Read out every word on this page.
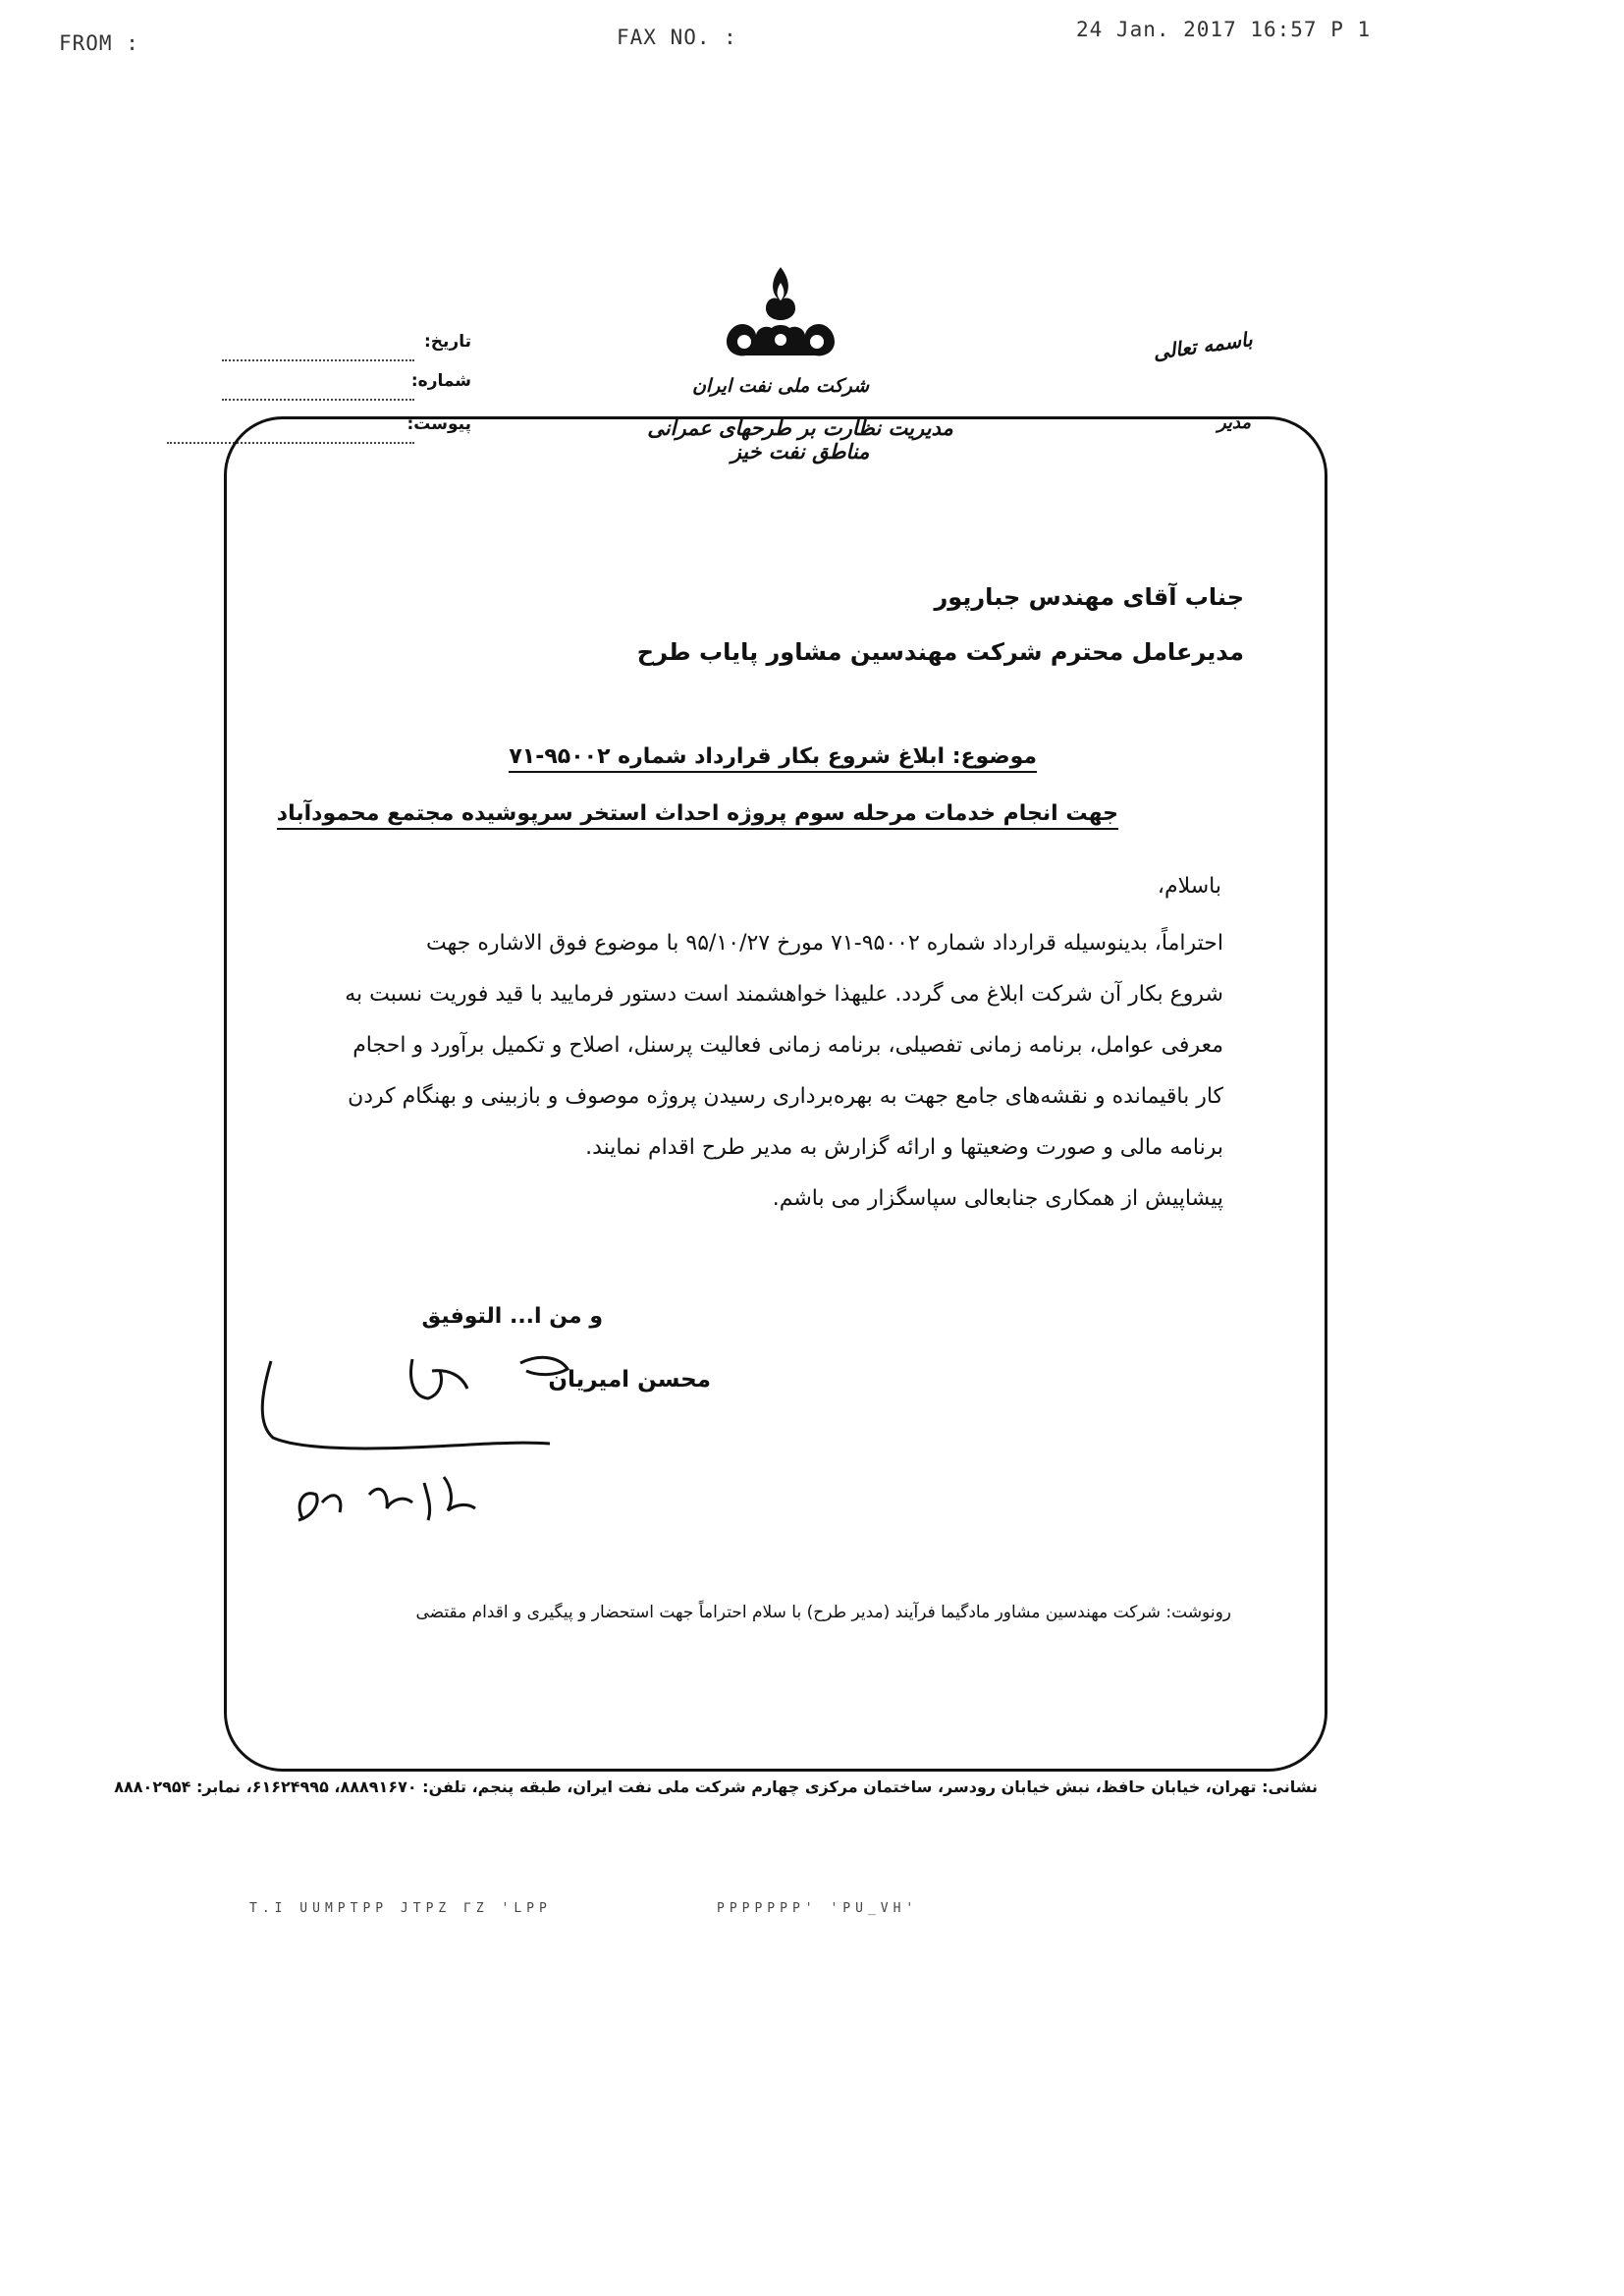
FROM :	FAX NO. :	24 Jan. 2017 16:57 P 1
شرکت ملی نفت ایران
مدیریت نظارت بر طرحهای عمرانی مناطق نفت خیز
تاریخ:
شماره:
پیوست:
باسمه تعالی
مدیر
جناب آقای مهندس جبارپور
مدیرعامل محترم شرکت مهندسین مشاور پایاب طرح
موضوع: ابلاغ شروع بکار قرارداد شماره ۹۵۰۰۲-۷۱
جهت انجام خدمات مرحله سوم پروژه احداث استخر سرپوشیده مجتمع محمودآباد
باسلام،
احتراماً، بدینوسیله قرارداد شماره ۹۵۰۰۲-۷۱ مورخ ۹۵/۱۰/۲۷ با موضوع فوق الاشاره جهت
شروع بکار آن شرکت ابلاغ می گردد. علیهذا خواهشمند است دستور فرمایید با قید فوریت نسبت به
معرفی عوامل، برنامه زمانی تفصیلی، برنامه زمانی فعالیت پرسنل، اصلاح و تکمیل برآورد و احجام
کار باقیمانده و نقشه‌های جامع جهت به بهره‌برداری رسیدن پروژه موصوف و بازبینی و بهنگام کردن
برنامه مالی و صورت وضعیتها و ارائه گزارش به مدیر طرح اقدام نمایند.
پیشاپیش از همکاری جنابعالی سپاسگزار می باشم.
و من ا... التوفیق
محسن امیریان
رونوشت: شرکت مهندسین مشاور مادگیما فرآیند (مدیر طرح) با سلام احتراماً جهت استحضار و پیگیری و اقدام مقتضی
نشانی: تهران، خیابان حافظ، نبش خیابان رودسر، ساختمان مرکزی چهارم شرکت ملی نفت ایران، طبقه پنجم، تلفن: ۸۸۸۹۱۶۷۰، ۶۱۶۲۴۹۹۵، نمابر: ۸۸۸۰۲۹۵۴
T.I UUMPTPP JTPZ ΓZ 'LPP	PPPPPPP' 'PU_VH'
